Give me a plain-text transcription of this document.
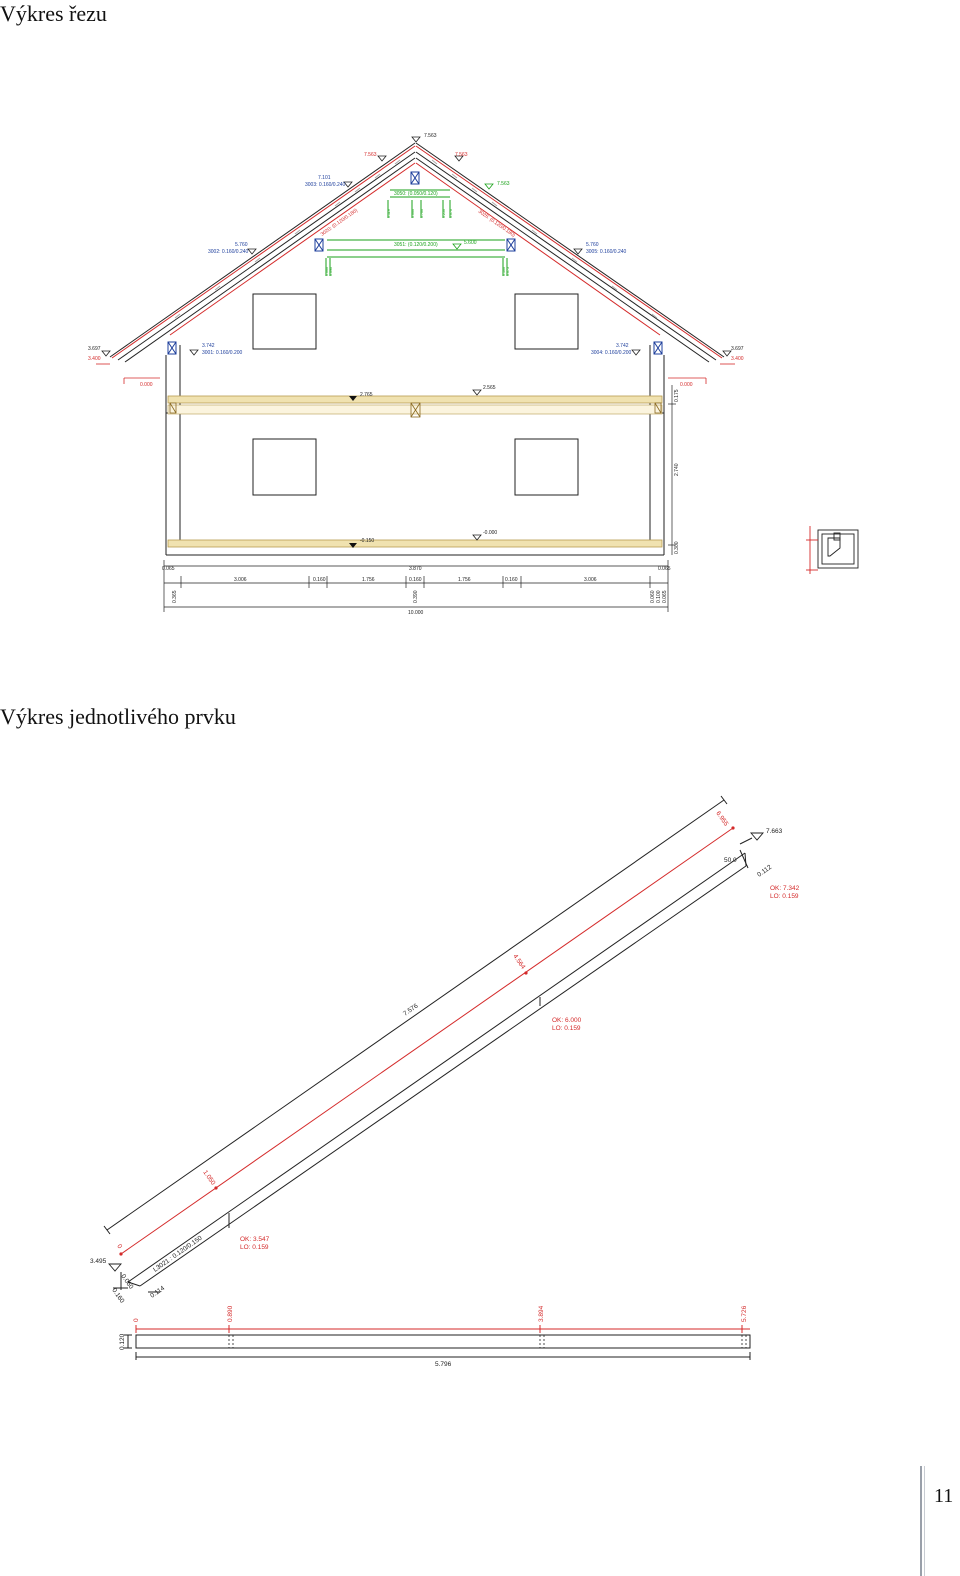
Výkres řezu
Výkres jednotlivého prvku
7.563
7.563	7.563
7.101
3003: 0.160/0.240
5.760
3002: 0.160/0.240
5.760
3005: 0.160/0.240
3.742
3001: 0.160/0.200
3.742
3004: 0.160/0.200
7.563
3050: (0.050/0.120)
5.600
3051: (0.120/0.200)
3020: (0.120/0.180)	3026: (0.120/0.180)
3.697
3.400
3.697
3.400
0.000	0.000
2.765
2.565
-0.150
-0.000
0.175
2.740
0.300
0.065	3.870	0.065
3.006	0.160	1.756	0.160	1.756	0.160	3.006
0.365	0.390	0.060 0.100 0.065
10.000
0.119	0.060 0.700	0.250 0.070
0.060 0.090	0.100 0.073
7.663
50.0
0.112
6.955
OK: 7.342
LO: 0.159
4.564
7.576
OK: 6.000
LO: 0.159
1.050
0	L3021 : 0.120/0.150	OK: 3.547
LO: 0.159
3.495
0.060
0.160	0.114
0	0.890	3.894	5.726
0.120
5.796
11
